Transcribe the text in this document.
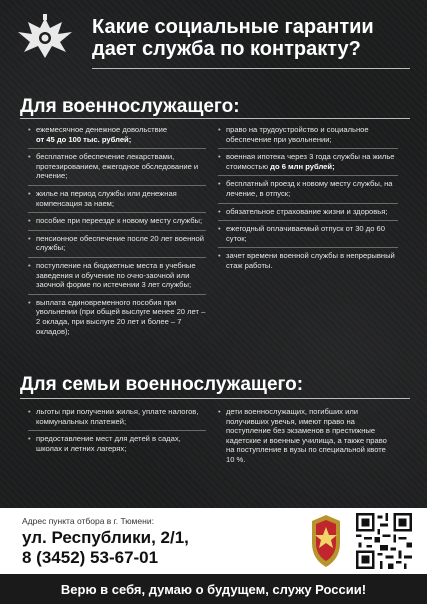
Какие социальные гарантии
дает служба по контракту?
Для военнослужащего:
• ежемесячное денежное довольствие
от 45 до 100 тыс. рублей;
• бесплатное обеспечение лекарствами, протезированием, ежегодное обследование и лечение;
• жилье на период службы или денежная компенсация за наем;
• пособие при переезде к новому месту службы;
• пенсионное обеспечение после 20 лет военной службы;
• поступление на бюджетные места в учебные заведения и обучение по очно-заочной или заочной форме по истечении 3 лет службы;
• выплата единовременного пособия при увольнении (при общей выслуге менее 20 лет – 2 оклада, при выслуге 20 лет и более – 7 окладов);
• право на трудоустройство и социальное обеспечение при увольнении;
• военная ипотека через 3 года службы на жилье стоимостью до 6 млн рублей;
• бесплатный проезд к новому месту службы, на лечение, в отпуск;
• обязательное страхование жизни и здоровья;
• ежегодный оплачиваемый отпуск от 30 до 60 суток;
• зачет времени военной службы в непрерывный стаж работы.
Для семьи военнослужащего:
• льготы при получении жилья, уплате налогов, коммунальных платежей;
• предоставление мест для детей в садах, школах и летних лагерях;
• дети военнослужащих, погибших или получивших увечья, имеют право на поступление без экзаменов в престижные кадетские и военные училища, а также право на поступление в вузы по специальной квоте 10 %.
Адрес пункта отбора в г. Тюмени:
ул. Республики, 2/1,
8 (3452) 53-67-01
Верю в себя, думаю о будущем, служу России!
